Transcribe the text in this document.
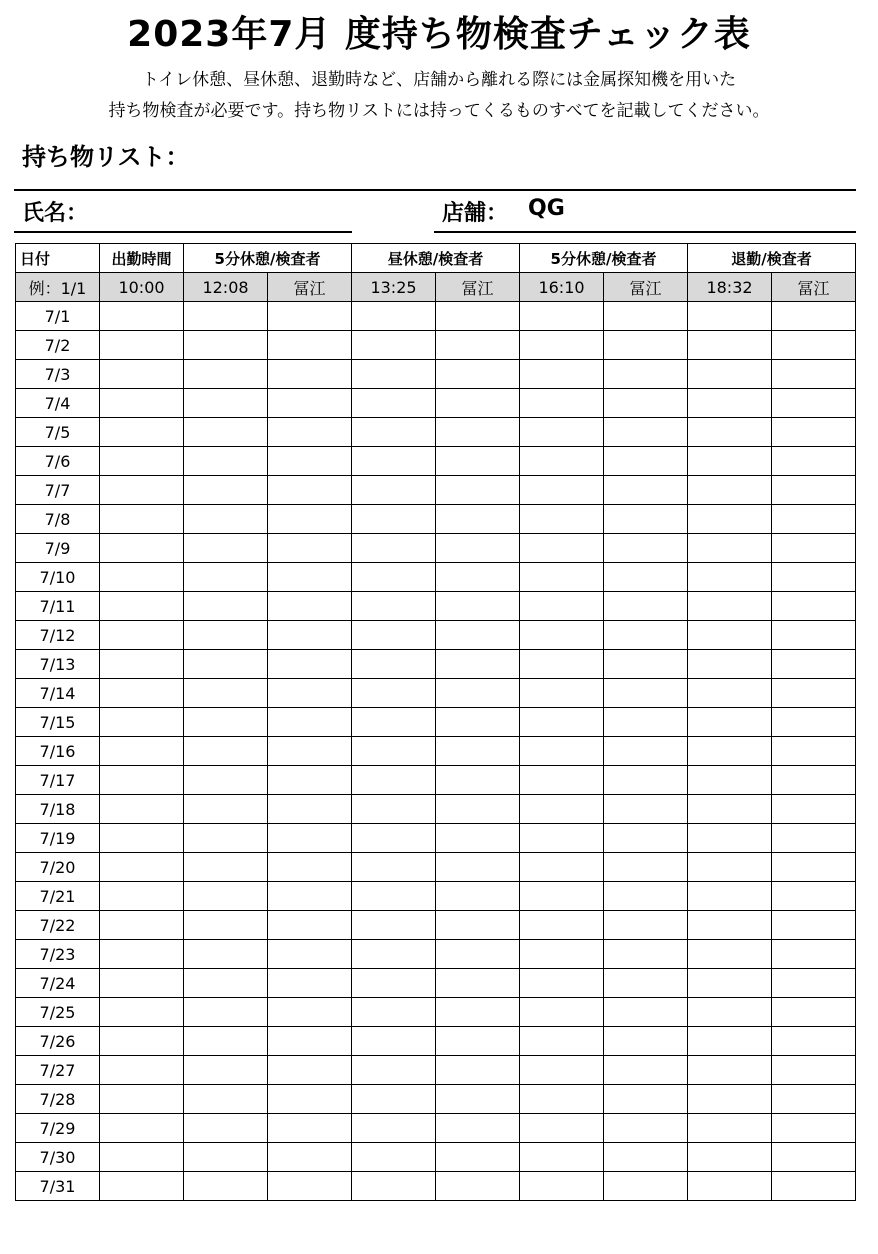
2023年7月 度持ち物検査チェック表
トイレ休憩、昼休憩、退勤時など、店舗から離れる際には金属探知機を用いた
持ち物検査が必要です。持ち物リストには持ってくるものすべてを記載してください。
持ち物リスト：
氏名：	店舗： QG
日付	出勤時間	5分休憩/検査者		昼休憩/検査者		5分休憩/検査者		退勤/検査者	
例：1/1	10:00	12:08	冨江	13:25	冨江	16:10	冨江	18:32	冨江
7/1									
7/2									
7/3									
7/4									
7/5									
7/6									
7/7									
7/8									
7/9									
7/10									
7/11									
7/12									
7/13									
7/14									
7/15									
7/16									
7/17									
7/18									
7/19									
7/20									
7/21									
7/22									
7/23									
7/24									
7/25									
7/26									
7/27									
7/28									
7/29									
7/30									
7/31									
